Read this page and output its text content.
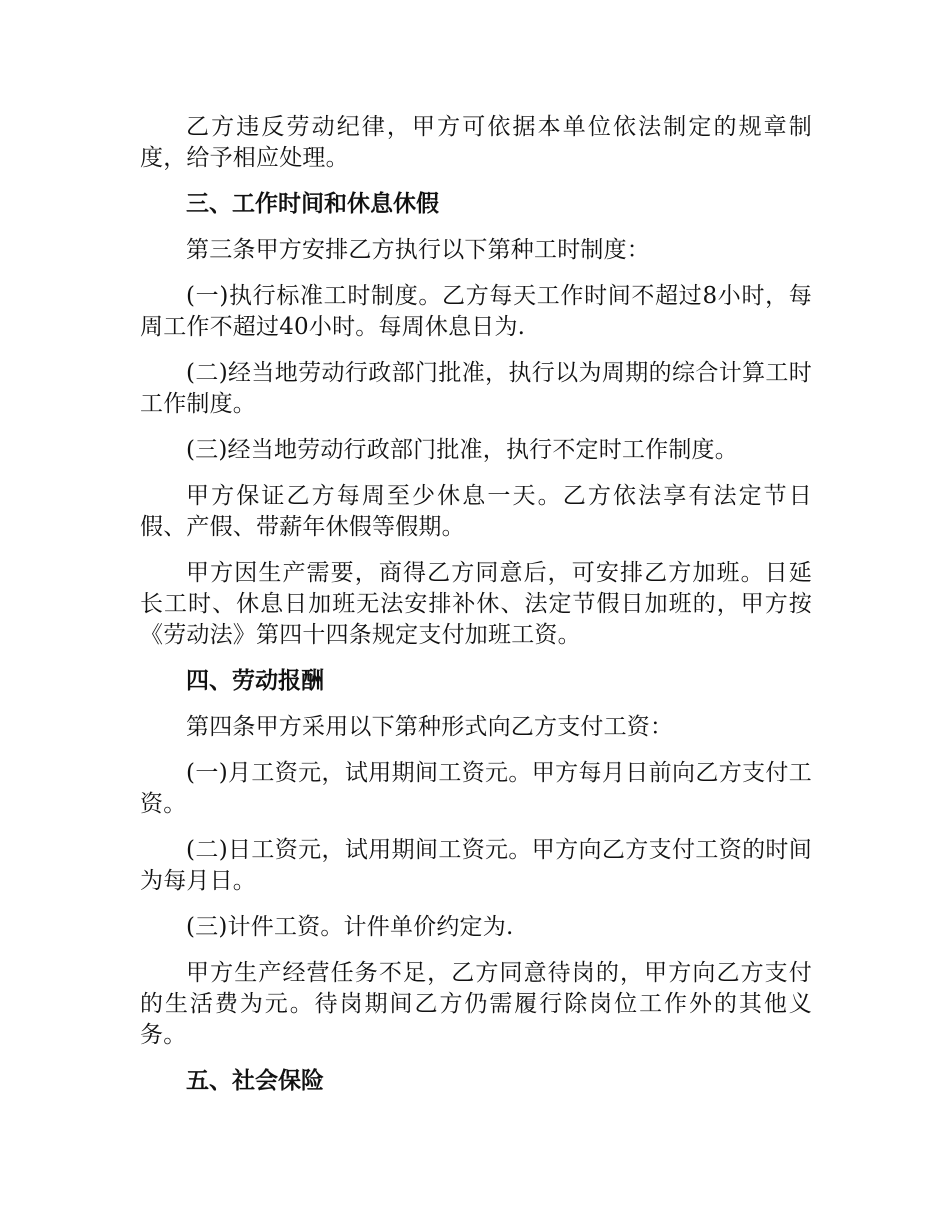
乙方违反劳动纪律，甲方可依据本单位依法制定的规章制度，给予相应处理。

三、工作时间和休息休假

第三条甲方安排乙方执行以下第种工时制度：

(一)执行标准工时制度。乙方每天工作时间不超过8小时，每周工作不超过40小时。每周休息日为.

(二)经当地劳动行政部门批准，执行以为周期的综合计算工时工作制度。

(三)经当地劳动行政部门批准，执行不定时工作制度。

甲方保证乙方每周至少休息一天。乙方依法享有法定节日假、产假、带薪年休假等假期。

甲方因生产需要，商得乙方同意后，可安排乙方加班。日延长工时、休息日加班无法安排补休、法定节假日加班的，甲方按《劳动法》第四十四条规定支付加班工资。

四、劳动报酬

第四条甲方采用以下第种形式向乙方支付工资：

(一)月工资元，试用期间工资元。甲方每月日前向乙方支付工资。

(二)日工资元，试用期间工资元。甲方向乙方支付工资的时间为每月日。

(三)计件工资。计件单价约定为.

甲方生产经营任务不足，乙方同意待岗的，甲方向乙方支付的生活费为元。待岗期间乙方仍需履行除岗位工作外的其他义务。

五、社会保险
